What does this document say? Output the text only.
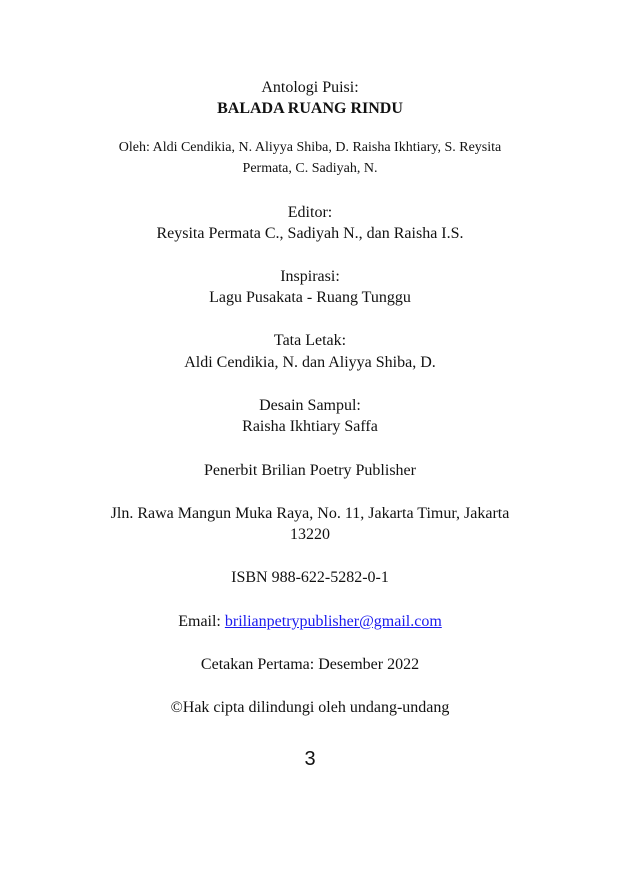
Antologi Puisi:
BALADA RUANG RINDU
Oleh: Aldi Cendikia, N. Aliyya Shiba, D. Raisha Ikhtiary, S. Reysita
Permata, C. Sadiyah, N.
Editor:
Reysita Permata C., Sadiyah N., dan Raisha I.S.
Inspirasi:
Lagu Pusakata - Ruang Tunggu
Tata Letak:
Aldi Cendikia, N. dan Aliyya Shiba, D.
Desain Sampul:
Raisha Ikhtiary Saffa
Penerbit Brilian Poetry Publisher
Jln. Rawa Mangun Muka Raya, No. 11, Jakarta Timur, Jakarta
13220
ISBN 988-622-5282-0-1
Email: brilianpetrypublisher@gmail.com
Cetakan Pertama: Desember 2022
©Hak cipta dilindungi oleh undang-undang
3
